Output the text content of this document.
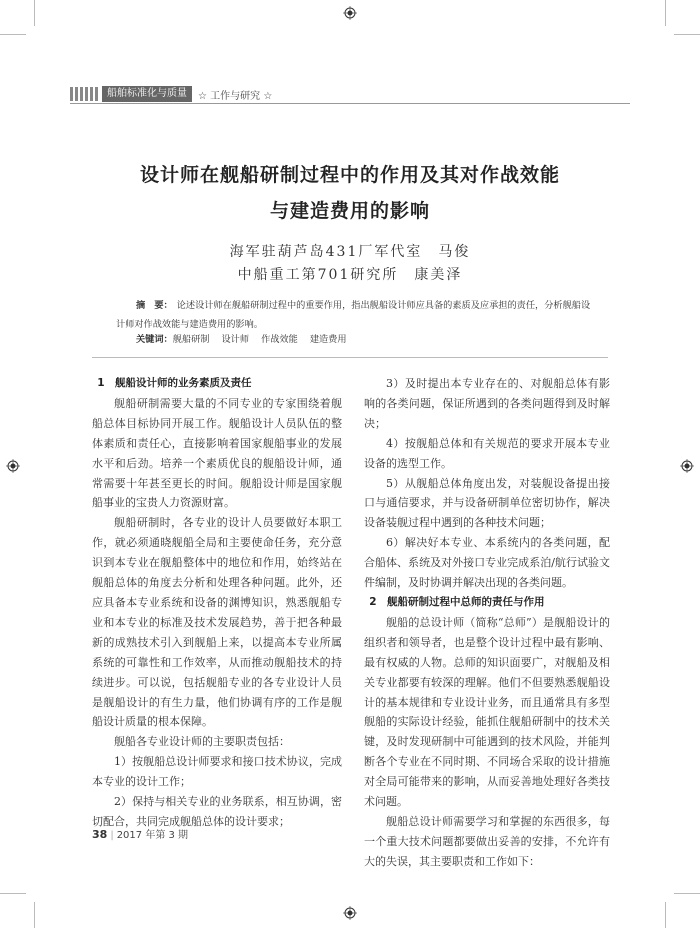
船舶标准化与质量	☆ 工作与研究 ☆
设计师在舰船研制过程中的作用及其对作战效能
与建造费用的影响

海军驻葫芦岛431厂军代室　马俊

中船重工第701研究所　康美泽

摘　要： 论述设计师在舰船研制过程中的重要作用，指出舰船设计师应具备的素质及应承担的责任，分析舰船设计师对作战效能与建造费用的影响。
关键词：舰船研制 设计师 作战效能 建造费用
1　舰船设计师的业务素质及责任

舰船研制需要大量的不同专业的专家围绕着舰船总体目标协同开展工作。舰船设计人员队伍的整体素质和责任心，直接影响着国家舰船事业的发展水平和后劲。培养一个素质优良的舰船设计师，通常需要十年甚至更长的时间。舰船设计师是国家舰船事业的宝贵人力资源财富。

舰船研制时，各专业的设计人员要做好本职工作，就必须通晓舰船全局和主要使命任务，充分意识到本专业在舰船整体中的地位和作用，始终站在舰船总体的角度去分析和处理各种问题。此外，还应具备本专业系统和设备的渊博知识，熟悉舰船专业和本专业的标准及技术发展趋势，善于把各种最新的成熟技术引入到舰船上来，以提高本专业所属系统的可靠性和工作效率，从而推动舰船技术的持续进步。可以说，包括舰船专业的各专业设计人员是舰船设计的有生力量，他们协调有序的工作是舰船设计质量的根本保障。

舰船各专业设计师的主要职责包括：

1）按舰船总设计师要求和接口技术协议，完成本专业的设计工作；

2）保持与相关专业的业务联系，相互协调，密切配合，共同完成舰船总体的设计要求；

3）及时提出本专业存在的、对舰船总体有影响的各类问题，保证所遇到的各类问题得到及时解决；

4）按舰船总体和有关规范的要求开展本专业设备的选型工作。

5）从舰船总体角度出发，对装舰设备提出接口与通信要求，并与设备研制单位密切协作，解决设备装舰过程中遇到的各种技术问题；

6）解决好本专业、本系统内的各类问题，配合船体、系统及对外接口专业完成系泊/航行试验文件编制，及时协调并解决出现的各类问题。

2　舰船研制过程中总师的责任与作用

舰船的总设计师（简称“总师”）是舰船设计的组织者和领导者，也是整个设计过程中最有影响、最有权威的人物。总师的知识面要广，对舰船及相关专业都要有较深的理解。他们不但要熟悉舰船设计的基本规律和专业设计业务，而且通常具有多型舰船的实际设计经验，能抓住舰船研制中的技术关键，及时发现研制中可能遇到的技术风险，并能判断各个专业在不同时期、不同场合采取的设计措施对全局可能带来的影响，从而妥善地处理好各类技术问题。

舰船总设计师需要学习和掌握的东西很多，每一个重大技术问题都要做出妥善的安排，不允许有大的失误，其主要职责和工作如下：

38 | 2017 年第 3 期
